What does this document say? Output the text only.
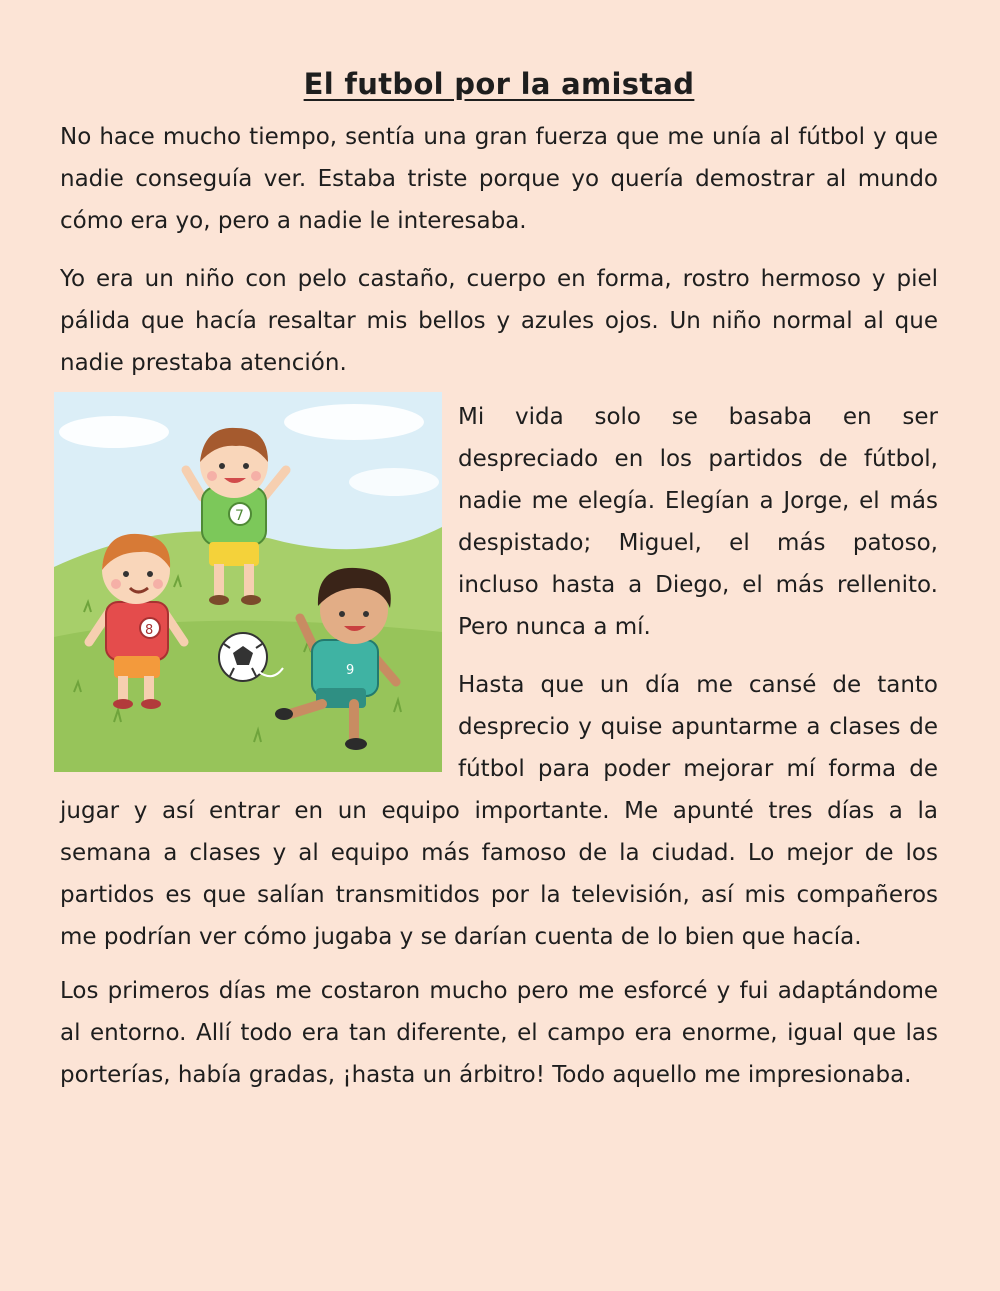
El futbol por la amistad

No hace mucho tiempo, sentía una gran fuerza que me unía al fútbol y que nadie conseguía ver. Estaba triste porque yo quería demostrar al mundo cómo era yo, pero a nadie le interesaba.

Yo era un niño con pelo castaño, cuerpo en forma, rostro hermoso y piel pálida que hacía resaltar mis bellos y azules ojos. Un niño normal al que nadie prestaba atención.

7
8
9

Mi vida solo se basaba en ser despreciado en los partidos de fútbol, nadie me elegía. Elegían a Jorge, el más despistado; Miguel, el más patoso, incluso hasta a Diego, el más rellenito. Pero nunca a mí.

Hasta que un día me cansé de tanto desprecio y quise apuntarme a clases de fútbol para poder mejorar mí forma de jugar y así entrar en un equipo importante. Me apunté tres días a la semana a clases y al equipo más famoso de la ciudad. Lo mejor de los partidos es que salían transmitidos por la televisión, así mis compañeros me podrían ver cómo jugaba y se darían cuenta de lo bien que hacía.

Los primeros días me costaron mucho pero me esforcé y fui adaptándome al entorno. Allí todo era tan diferente, el campo era enorme, igual que las porterías, había gradas, ¡hasta un árbitro! Todo aquello me impresionaba.
